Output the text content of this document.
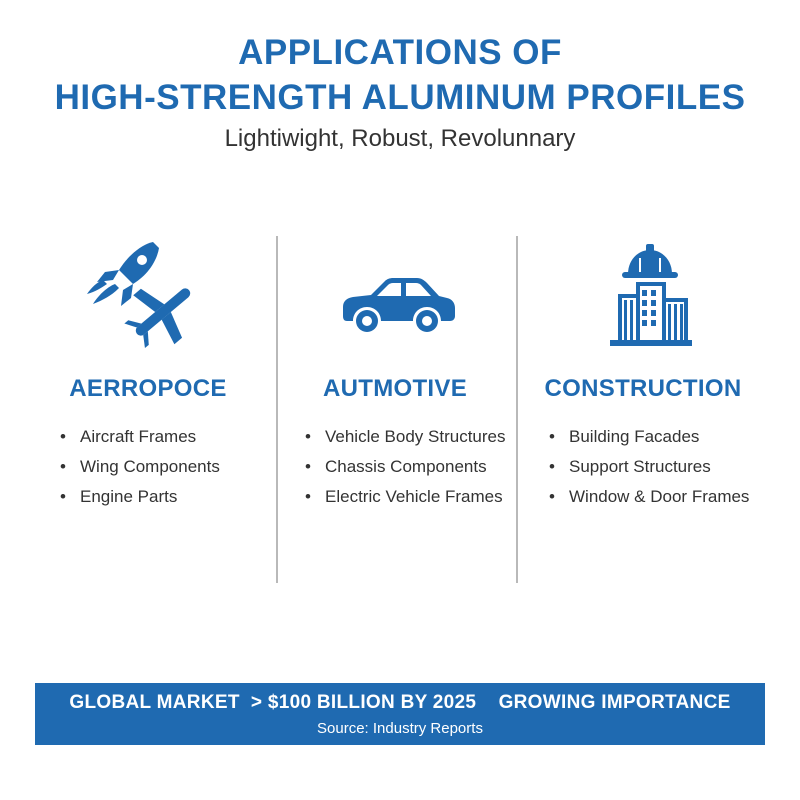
APPLICATIONS OF
HIGH-STRENGTH ALUMINUM PROFILES
Lightiwight, Robust, Revolunnary
AERROPOCE
• Aircraft Frames
• Wing Components
• Engine Parts
AUTMOTIVE
• Vehicle Body Structures
• Chassis Components
• Electric Vehicle Frames
CONSTRUCTION
• Building Facades
• Support Structures
• Window & Door Frames
GLOBAL MARKET  > $100 BILLION BY 2025    GROWING IMPORTANCE
Source: Industry Reports
